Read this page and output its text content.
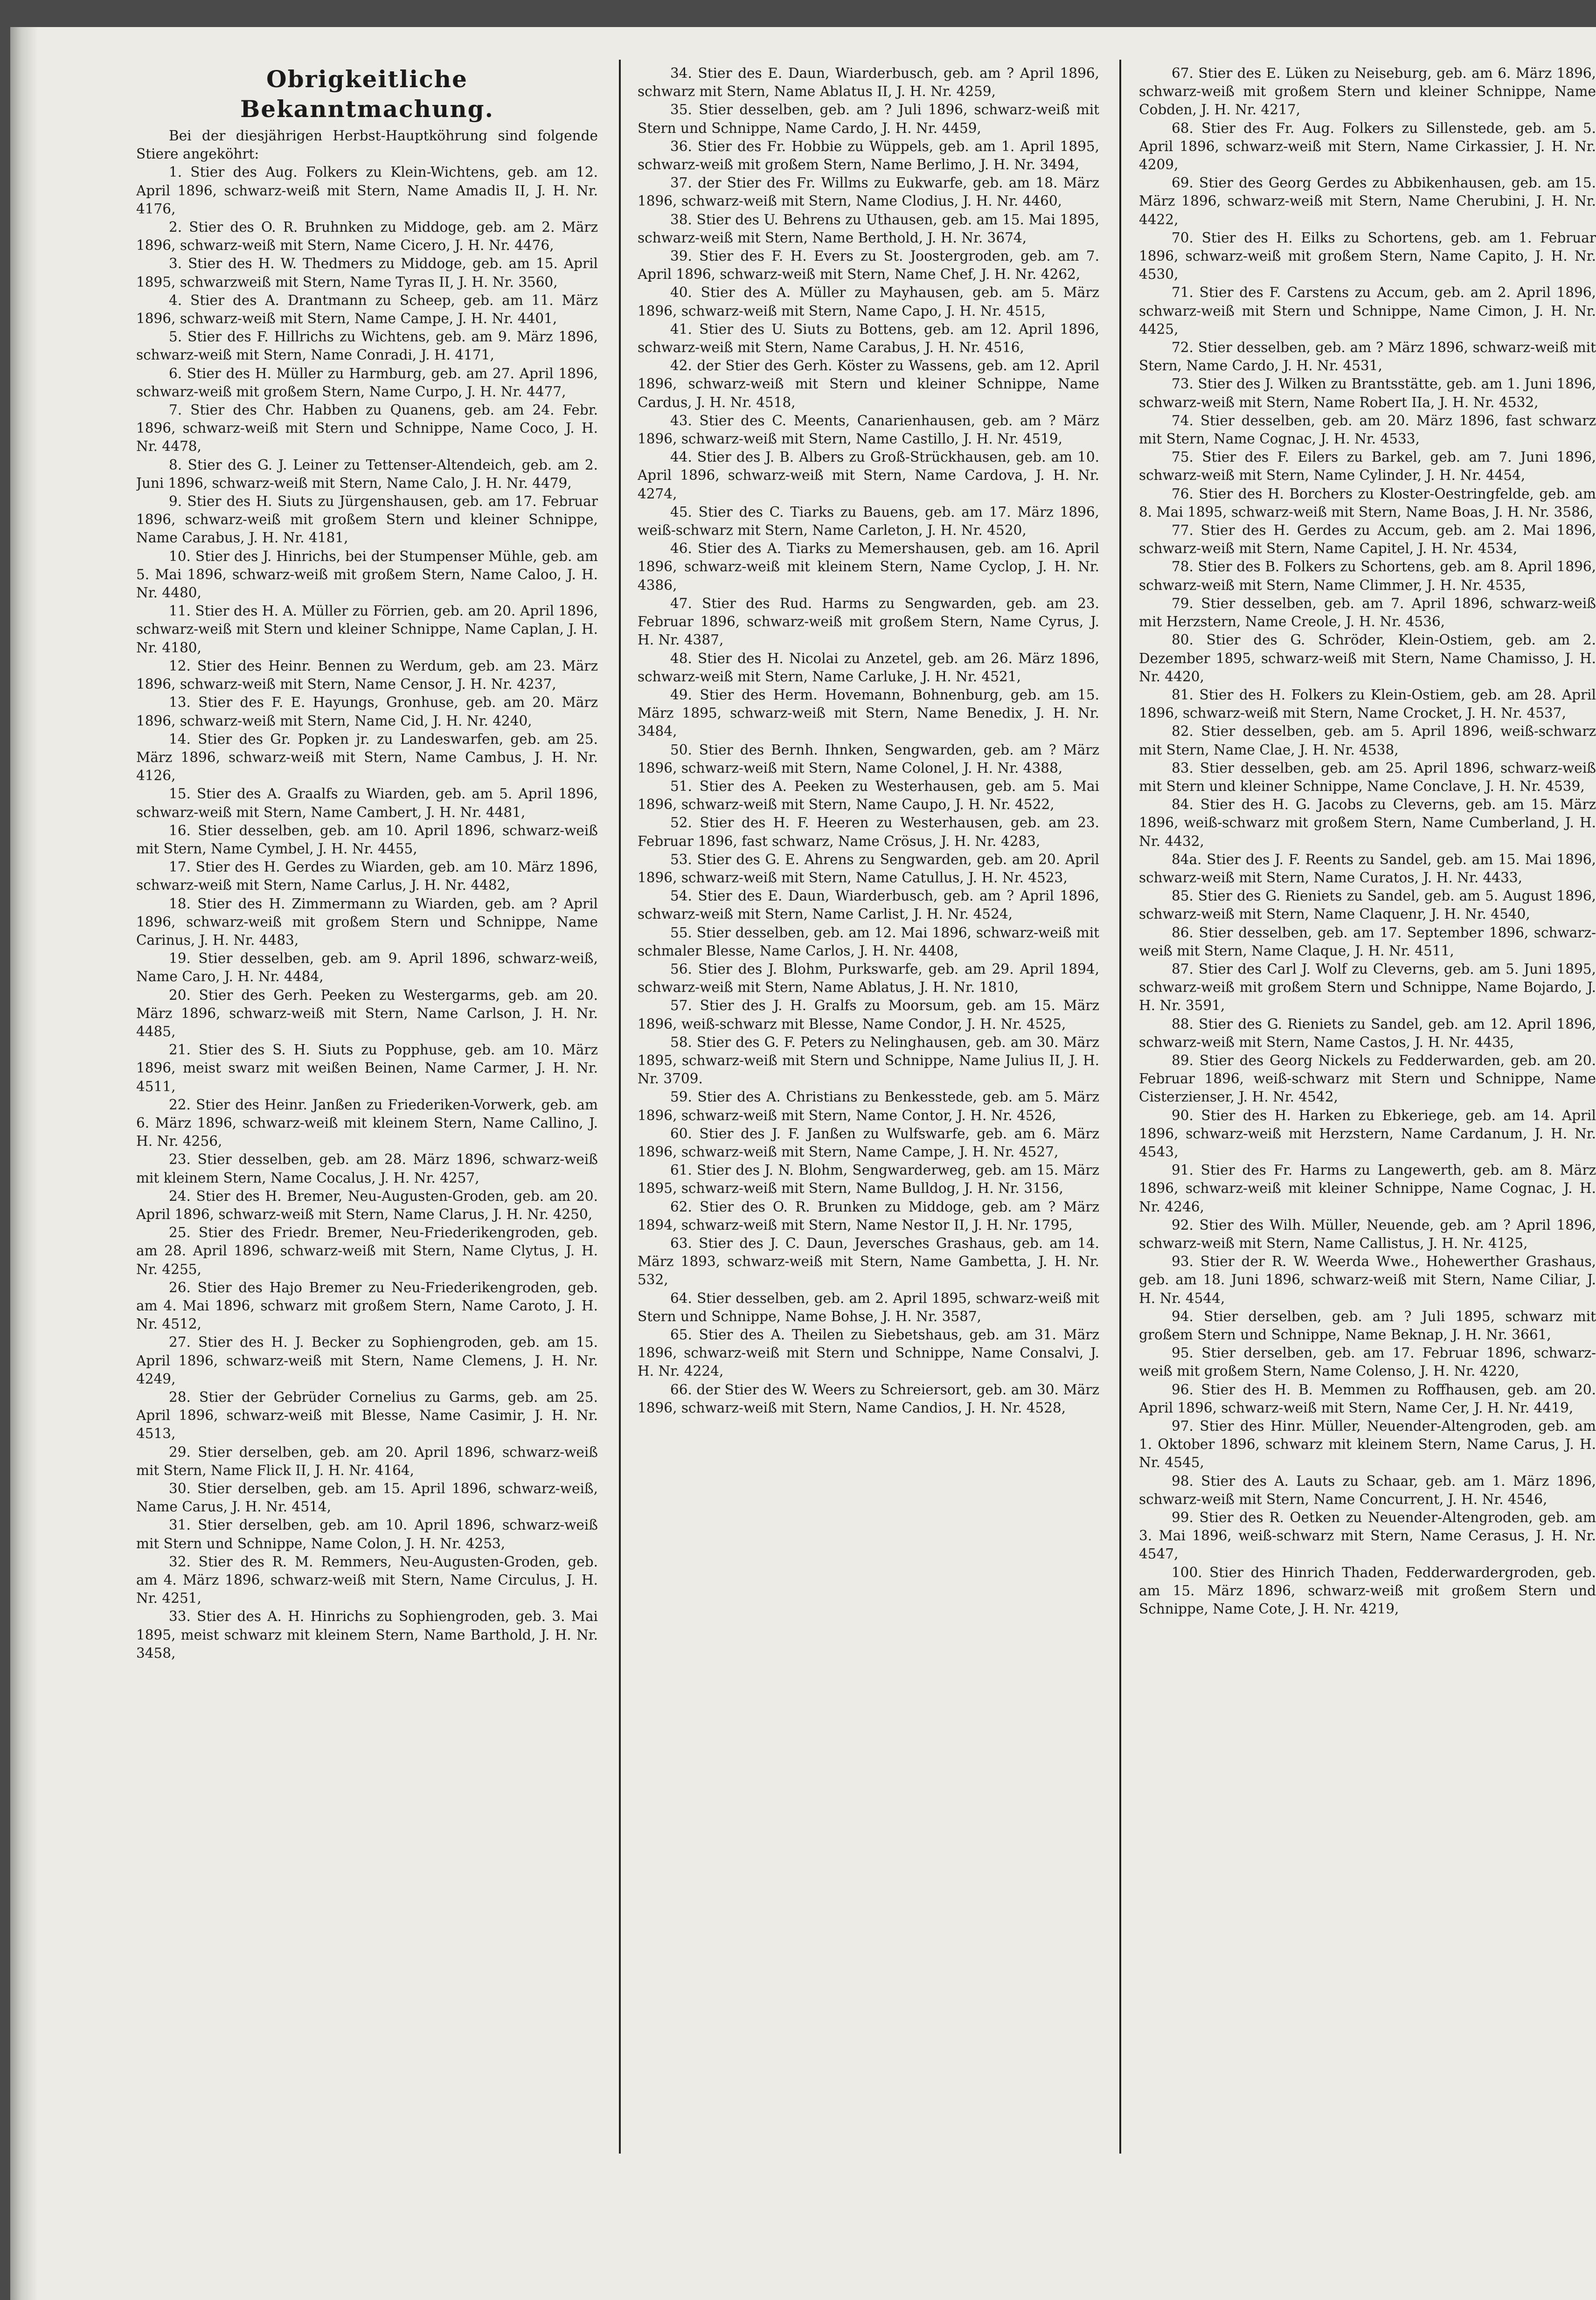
Obrigkeitliche Bekanntmachung.

Bei der diesjährigen Herbst-Hauptköhrung sind folgende Stiere angeköhrt:

1. Stier des Aug. Folkers zu Klein-Wichtens, geb. am 12. April 1896, schwarz-weiß mit Stern, Name Amadis II, J. H. Nr. 4176,

2. Stier des O. R. Bruhnken zu Middoge, geb. am 2. März 1896, schwarz-weiß mit Stern, Name Cicero, J. H. Nr. 4476,

3. Stier des H. W. Thedmers zu Middoge, geb. am 15. April 1895, schwarzweiß mit Stern, Name Tyras II, J. H. Nr. 3560,

4. Stier des A. Drantmann zu Scheep, geb. am 11. März 1896, schwarz-weiß mit Stern, Name Campe, J. H. Nr. 4401,

5. Stier des F. Hillrichs zu Wichtens, geb. am 9. März 1896, schwarz-weiß mit Stern, Name Conradi, J. H. 4171,

6. Stier des H. Müller zu Harmburg, geb. am 27. April 1896, schwarz-weiß mit großem Stern, Name Curpo, J. H. Nr. 4477,

7. Stier des Chr. Habben zu Quanens, geb. am 24. Febr. 1896, schwarz-weiß mit Stern und Schnippe, Name Coco, J. H. Nr. 4478,

8. Stier des G. J. Leiner zu Tettenser-Altendeich, geb. am 2. Juni 1896, schwarz-weiß mit Stern, Name Calo, J. H. Nr. 4479,

9. Stier des H. Siuts zu Jürgenshausen, geb. am 17. Februar 1896, schwarz-weiß mit großem Stern und kleiner Schnippe, Name Carabus, J. H. Nr. 4181,

10. Stier des J. Hinrichs, bei der Stumpenser Mühle, geb. am 5. Mai 1896, schwarz-weiß mit großem Stern, Name Caloo, J. H. Nr. 4480,

11. Stier des H. A. Müller zu Förrien, geb. am 20. April 1896, schwarz-weiß mit Stern und kleiner Schnippe, Name Caplan, J. H. Nr. 4180,

12. Stier des Heinr. Bennen zu Werdum, geb. am 23. März 1896, schwarz-weiß mit Stern, Name Censor, J. H. Nr. 4237,

13. Stier des F. E. Hayungs, Gronhuse, geb. am 20. März 1896, schwarz-weiß mit Stern, Name Cid, J. H. Nr. 4240,

14. Stier des Gr. Popken jr. zu Landeswarfen, geb. am 25. März 1896, schwarz-weiß mit Stern, Name Cambus, J. H. Nr. 4126,

15. Stier des A. Graalfs zu Wiarden, geb. am 5. April 1896, schwarz-weiß mit Stern, Name Cambert, J. H. Nr. 4481,

16. Stier desselben, geb. am 10. April 1896, schwarz-weiß mit Stern, Name Cymbel, J. H. Nr. 4455,

17. Stier des H. Gerdes zu Wiarden, geb. am 10. März 1896, schwarz-weiß mit Stern, Name Carlus, J. H. Nr. 4482,

18. Stier des H. Zimmermann zu Wiarden, geb. am ? April 1896, schwarz-weiß mit großem Stern und Schnippe, Name Carinus, J. H. Nr. 4483,

19. Stier desselben, geb. am 9. April 1896, schwarz-weiß, Name Caro, J. H. Nr. 4484,

20. Stier des Gerh. Peeken zu Westergarms, geb. am 20. März 1896, schwarz-weiß mit Stern, Name Carlson, J. H. Nr. 4485,

21. Stier des S. H. Siuts zu Popphuse, geb. am 10. März 1896, meist swarz mit weißen Beinen, Name Carmer, J. H. Nr. 4511,

22. Stier des Heinr. Janßen zu Friederiken-Vorwerk, geb. am 6. März 1896, schwarz-weiß mit kleinem Stern, Name Callino, J. H. Nr. 4256,

23. Stier desselben, geb. am 28. März 1896, schwarz-weiß mit kleinem Stern, Name Cocalus, J. H. Nr. 4257,

24. Stier des H. Bremer, Neu-Augusten-Groden, geb. am 20. April 1896, schwarz-weiß mit Stern, Name Clarus, J. H. Nr. 4250,

25. Stier des Friedr. Bremer, Neu-Friederikengroden, geb. am 28. April 1896, schwarz-weiß mit Stern, Name Clytus, J. H. Nr. 4255,

26. Stier des Hajo Bremer zu Neu-Friederikengroden, geb. am 4. Mai 1896, schwarz mit großem Stern, Name Caroto, J. H. Nr. 4512,

27. Stier des H. J. Becker zu Sophiengroden, geb. am 15. April 1896, schwarz-weiß mit Stern, Name Clemens, J. H. Nr. 4249,

28. Stier der Gebrüder Cornelius zu Garms, geb. am 25. April 1896, schwarz-weiß mit Blesse, Name Casimir, J. H. Nr. 4513,

29. Stier derselben, geb. am 20. April 1896, schwarz-weiß mit Stern, Name Flick II, J. H. Nr. 4164,

30. Stier derselben, geb. am 15. April 1896, schwarz-weiß, Name Carus, J. H. Nr. 4514,

31. Stier derselben, geb. am 10. April 1896, schwarz-weiß mit Stern und Schnippe, Name Colon, J. H. Nr. 4253,

32. Stier des R. M. Remmers, Neu-Augusten-Groden, geb. am 4. März 1896, schwarz-weiß mit Stern, Name Circulus, J. H. Nr. 4251,

33. Stier des A. H. Hinrichs zu Sophiengroden, geb. 3. Mai 1895, meist schwarz mit kleinem Stern, Name Barthold, J. H. Nr. 3458,

34. Stier des E. Daun, Wiarderbusch, geb. am ? April 1896, schwarz mit Stern, Name Ablatus II, J. H. Nr. 4259,

35. Stier desselben, geb. am ? Juli 1896, schwarz-weiß mit Stern und Schnippe, Name Cardo, J. H. Nr. 4459,

36. Stier des Fr. Hobbie zu Wüppels, geb. am 1. April 1895, schwarz-weiß mit großem Stern, Name Berlimo, J. H. Nr. 3494,

37. der Stier des Fr. Willms zu Eukwarfe, geb. am 18. März 1896, schwarz-weiß mit Stern, Name Clodius, J. H. Nr. 4460,

38. Stier des U. Behrens zu Uthausen, geb. am 15. Mai 1895, schwarz-weiß mit Stern, Name Berthold, J. H. Nr. 3674,

39. Stier des F. H. Evers zu St. Joostergroden, geb. am 7. April 1896, schwarz-weiß mit Stern, Name Chef, J. H. Nr. 4262,

40. Stier des A. Müller zu Mayhausen, geb. am 5. März 1896, schwarz-weiß mit Stern, Name Capo, J. H. Nr. 4515,

41. Stier des U. Siuts zu Bottens, geb. am 12. April 1896, schwarz-weiß mit Stern, Name Carabus, J. H. Nr. 4516,

42. der Stier des Gerh. Köster zu Wassens, geb. am 12. April 1896, schwarz-weiß mit Stern und kleiner Schnippe, Name Cardus, J. H. Nr. 4518,

43. Stier des C. Meents, Canarienhausen, geb. am ? März 1896, schwarz-weiß mit Stern, Name Castillo, J. H. Nr. 4519,

44. Stier des J. B. Albers zu Groß-Strückhausen, geb. am 10. April 1896, schwarz-weiß mit Stern, Name Cardova, J. H. Nr. 4274,

45. Stier des C. Tiarks zu Bauens, geb. am 17. März 1896, weiß-schwarz mit Stern, Name Carleton, J. H. Nr. 4520,

46. Stier des A. Tiarks zu Memershausen, geb. am 16. April 1896, schwarz-weiß mit kleinem Stern, Name Cyclop, J. H. Nr. 4386,

47. Stier des Rud. Harms zu Sengwarden, geb. am 23. Februar 1896, schwarz-weiß mit großem Stern, Name Cyrus, J. H. Nr. 4387,

48. Stier des H. Nicolai zu Anzetel, geb. am 26. März 1896, schwarz-weiß mit Stern, Name Carluke, J. H. Nr. 4521,

49. Stier des Herm. Hovemann, Bohnenburg, geb. am 15. März 1895, schwarz-weiß mit Stern, Name Benedix, J. H. Nr. 3484,

50. Stier des Bernh. Ihnken, Sengwarden, geb. am ? März 1896, schwarz-weiß mit Stern, Name Colonel, J. H. Nr. 4388,

51. Stier des A. Peeken zu Westerhausen, geb. am 5. Mai 1896, schwarz-weiß mit Stern, Name Caupo, J. H. Nr. 4522,

52. Stier des H. F. Heeren zu Westerhausen, geb. am 23. Februar 1896, fast schwarz, Name Crösus, J. H. Nr. 4283,

53. Stier des G. E. Ahrens zu Sengwarden, geb. am 20. April 1896, schwarz-weiß mit Stern, Name Catullus, J. H. Nr. 4523,

54. Stier des E. Daun, Wiarderbusch, geb. am ? April 1896, schwarz-weiß mit Stern, Name Carlist, J. H. Nr. 4524,

55. Stier desselben, geb. am 12. Mai 1896, schwarz-weiß mit schmaler Blesse, Name Carlos, J. H. Nr. 4408,

56. Stier des J. Blohm, Purkswarfe, geb. am 29. April 1894, schwarz-weiß mit Stern, Name Ablatus, J. H. Nr. 1810,

57. Stier des J. H. Gralfs zu Moorsum, geb. am 15. März 1896, weiß-schwarz mit Blesse, Name Condor, J. H. Nr. 4525,

58. Stier des G. F. Peters zu Nelinghausen, geb. am 30. März 1895, schwarz-weiß mit Stern und Schnippe, Name Julius II, J. H. Nr. 3709.

59. Stier des A. Christians zu Benkesstede, geb. am 5. März 1896, schwarz-weiß mit Stern, Name Contor, J. H. Nr. 4526,

60. Stier des J. F. Janßen zu Wulfswarfe, geb. am 6. März 1896, schwarz-weiß mit Stern, Name Campe, J. H. Nr. 4527,

61. Stier des J. N. Blohm, Sengwarderweg, geb. am 15. März 1895, schwarz-weiß mit Stern, Name Bulldog, J. H. Nr. 3156,

62. Stier des O. R. Brunken zu Middoge, geb. am ? März 1894, schwarz-weiß mit Stern, Name Nestor II, J. H. Nr. 1795,

63. Stier des J. C. Daun, Jeversches Grashaus, geb. am 14. März 1893, schwarz-weiß mit Stern, Name Gambetta, J. H. Nr. 532,

64. Stier desselben, geb. am 2. April 1895, schwarz-weiß mit Stern und Schnippe, Name Bohse, J. H. Nr. 3587,

65. Stier des A. Theilen zu Siebetshaus, geb. am 31. März 1896, schwarz-weiß mit Stern und Schnippe, Name Consalvi, J. H. Nr. 4224,

66. der Stier des W. Weers zu Schreiersort, geb. am 30. März 1896, schwarz-weiß mit Stern, Name Candios, J. H. Nr. 4528,

67. Stier des E. Lüken zu Neiseburg, geb. am 6. März 1896, schwarz-weiß mit großem Stern und kleiner Schnippe, Name Cobden, J. H. Nr. 4217,

68. Stier des Fr. Aug. Folkers zu Sillenstede, geb. am 5. April 1896, schwarz-weiß mit Stern, Name Cirkassier, J. H. Nr. 4209,

69. Stier des Georg Gerdes zu Abbikenhausen, geb. am 15. März 1896, schwarz-weiß mit Stern, Name Cherubini, J. H. Nr. 4422,

70. Stier des H. Eilks zu Schortens, geb. am 1. Februar 1896, schwarz-weiß mit großem Stern, Name Capito, J. H. Nr. 4530,

71. Stier des F. Carstens zu Accum, geb. am 2. April 1896, schwarz-weiß mit Stern und Schnippe, Name Cimon, J. H. Nr. 4425,

72. Stier desselben, geb. am ? März 1896, schwarz-weiß mit Stern, Name Cardo, J. H. Nr. 4531,

73. Stier des J. Wilken zu Brantsstätte, geb. am 1. Juni 1896, schwarz-weiß mit Stern, Name Robert IIa, J. H. Nr. 4532,

74. Stier desselben, geb. am 20. März 1896, fast schwarz mit Stern, Name Cognac, J. H. Nr. 4533,

75. Stier des F. Eilers zu Barkel, geb. am 7. Juni 1896, schwarz-weiß mit Stern, Name Cylinder, J. H. Nr. 4454,

76. Stier des H. Borchers zu Kloster-Oestringfelde, geb. am 8. Mai 1895, schwarz-weiß mit Stern, Name Boas, J. H. Nr. 3586,

77. Stier des H. Gerdes zu Accum, geb. am 2. Mai 1896, schwarz-weiß mit Stern, Name Capitel, J. H. Nr. 4534,

78. Stier des B. Folkers zu Schortens, geb. am 8. April 1896, schwarz-weiß mit Stern, Name Climmer, J. H. Nr. 4535,

79. Stier desselben, geb. am 7. April 1896, schwarz-weiß mit Herzstern, Name Creole, J. H. Nr. 4536,

80. Stier des G. Schröder, Klein-Ostiem, geb. am 2. Dezember 1895, schwarz-weiß mit Stern, Name Chamisso, J. H. Nr. 4420,

81. Stier des H. Folkers zu Klein-Ostiem, geb. am 28. April 1896, schwarz-weiß mit Stern, Name Crocket, J. H. Nr. 4537,

82. Stier desselben, geb. am 5. April 1896, weiß-schwarz mit Stern, Name Clae, J. H. Nr. 4538,

83. Stier desselben, geb. am 25. April 1896, schwarz-weiß mit Stern und kleiner Schnippe, Name Conclave, J. H. Nr. 4539,

84. Stier des H. G. Jacobs zu Cleverns, geb. am 15. März 1896, weiß-schwarz mit großem Stern, Name Cumberland, J. H. Nr. 4432,

84a. Stier des J. F. Reents zu Sandel, geb. am 15. Mai 1896, schwarz-weiß mit Stern, Name Curatos, J. H. Nr. 4433,

85. Stier des G. Rieniets zu Sandel, geb. am 5. August 1896, schwarz-weiß mit Stern, Name Claquenr, J. H. Nr. 4540,

86. Stier desselben, geb. am 17. September 1896, schwarz-weiß mit Stern, Name Claque, J. H. Nr. 4511,

87. Stier des Carl J. Wolf zu Cleverns, geb. am 5. Juni 1895, schwarz-weiß mit großem Stern und Schnippe, Name Bojardo, J. H. Nr. 3591,

88. Stier des G. Rieniets zu Sandel, geb. am 12. April 1896, schwarz-weiß mit Stern, Name Castos, J. H. Nr. 4435,

89. Stier des Georg Nickels zu Fedderwarden, geb. am 20. Februar 1896, weiß-schwarz mit Stern und Schnippe, Name Cisterzienser, J. H. Nr. 4542,

90. Stier des H. Harken zu Ebkeriege, geb. am 14. April 1896, schwarz-weiß mit Herzstern, Name Cardanum, J. H. Nr. 4543,

91. Stier des Fr. Harms zu Langewerth, geb. am 8. März 1896, schwarz-weiß mit kleiner Schnippe, Name Cognac, J. H. Nr. 4246,

92. Stier des Wilh. Müller, Neuende, geb. am ? April 1896, schwarz-weiß mit Stern, Name Callistus, J. H. Nr. 4125,

93. Stier der R. W. Weerda Wwe., Hohewerther Grashaus, geb. am 18. Juni 1896, schwarz-weiß mit Stern, Name Ciliar, J. H. Nr. 4544,

94. Stier derselben, geb. am ? Juli 1895, schwarz mit großem Stern und Schnippe, Name Beknap, J. H. Nr. 3661,

95. Stier derselben, geb. am 17. Februar 1896, schwarz-weiß mit großem Stern, Name Colenso, J. H. Nr. 4220,

96. Stier des H. B. Memmen zu Roffhausen, geb. am 20. April 1896, schwarz-weiß mit Stern, Name Cer, J. H. Nr. 4419,

97. Stier des Hinr. Müller, Neuender-Altengroden, geb. am 1. Oktober 1896, schwarz mit kleinem Stern, Name Carus, J. H. Nr. 4545,

98. Stier des A. Lauts zu Schaar, geb. am 1. März 1896, schwarz-weiß mit Stern, Name Concurrent, J. H. Nr. 4546,

99. Stier des R. Oetken zu Neuender-Altengroden, geb. am 3. Mai 1896, weiß-schwarz mit Stern, Name Cerasus, J. H. Nr. 4547,

100. Stier des Hinrich Thaden, Fedderwardergroden, geb. am 15. März 1896, schwarz-weiß mit großem Stern und Schnippe, Name Cote, J. H. Nr. 4219,
